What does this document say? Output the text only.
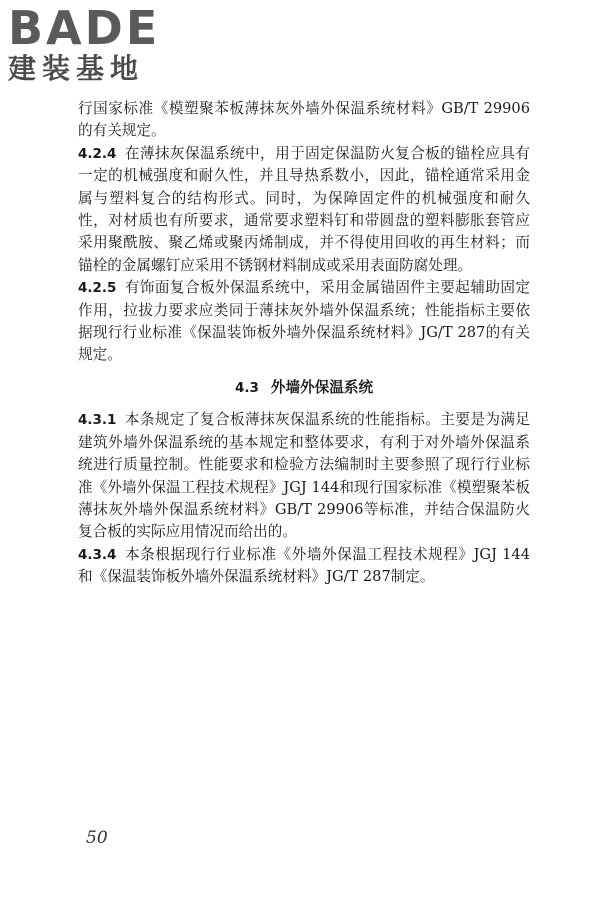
BADE
建装基地

行国家标准《模塑聚苯板薄抹灰外墙外保温系统材料》GB/T 29906的有关规定。

4.2.4 在薄抹灰保温系统中，用于固定保温防火复合板的锚栓应具有一定的机械强度和耐久性，并且导热系数小，因此，锚栓通常采用金属与塑料复合的结构形式。同时，为保障固定件的机械强度和耐久性，对材质也有所要求，通常要求塑料钉和带圆盘的塑料膨胀套管应采用聚酰胺、聚乙烯或聚丙烯制成，并不得使用回收的再生材料；而锚栓的金属螺钉应采用不锈钢材料制成或采用表面防腐处理。

4.2.5 有饰面复合板外保温系统中，采用金属锚固件主要起辅助固定作用，拉拔力要求应类同于薄抹灰外墙外保温系统；性能指标主要依据现行行业标准《保温装饰板外墙外保温系统材料》JG/T 287的有关规定。

4.3 外墙外保温系统

4.3.1 本条规定了复合板薄抹灰保温系统的性能指标。主要是为满足建筑外墙外保温系统的基本规定和整体要求，有利于对外墙外保温系统进行质量控制。性能要求和检验方法编制时主要参照了现行行业标准《外墙外保温工程技术规程》JGJ 144和现行国家标准《模塑聚苯板薄抹灰外墙外保温系统材料》GB/T 29906等标准，并结合保温防火复合板的实际应用情况而给出的。

4.3.4 本条根据现行行业标准《外墙外保温工程技术规程》JGJ 144和《保温装饰板外墙外保温系统材料》JG/T 287制定。

50
